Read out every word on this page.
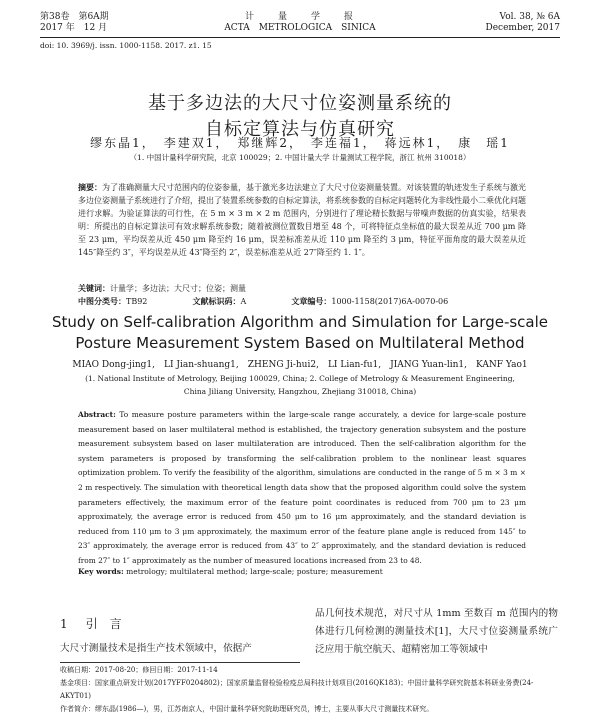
第38卷　第6A期
2017 年　12 月
计　　量　　学　　报
ACTA　METROLOGICA　SINICA
Vol. 38, № 6A
December, 2017
doi: 10. 3969/j. issn. 1000-1158. 2017. z1. 15
基于多边法的大尺寸位姿测量系统的
自标定算法与仿真研究
缪东晶1，　李建双1，　郑继辉2，　李连福1，　蒋远林1，　康　瑶1
（1. 中国计量科学研究院，北京 100029；2. 中国计量大学 计量测试工程学院，浙江 杭州 310018）
摘要：为了准确测量大尺寸范围内的位姿参量，基于激光多边法建立了大尺寸位姿测量装置。对该装置的轨迹发生子系统与激光多边位姿测量子系统进行了介绍，提出了装置系统参数的自标定算法，将系统参数的自标定问题转化为非线性最小二乘优化问题进行求解。为验证算法的可行性，在 5 m × 3 m × 2 m 范围内，分别进行了理论精长数据与带噪声数据的仿真实验，结果表明：所提出的自标定算法可有效求解系统参数；随着被测位置数目增至 48 个，可将特征点坐标值的最大误差从近 700 μm 降至 23 μm，平均误差从近 450 μm 降至约 16 μm，误差标准差从近 110 μm 降至约 3 μm，特征平面角度的最大误差从近 145″降至约 3″，平均误差从近 43″降至约 2″，误差标准差从近 27″降至约 1. 1″。
关键词：计量学；多边法；大尺寸；位姿；测量
中图分类号：TB92	文献标识码：A	文章编号：1000-1158(2017)6A-0070-06
Study on Self-calibration Algorithm and Simulation for Large-scale
Posture Measurement System Based on Multilateral Method
MIAO Dong-jing1,　LI Jian-shuang1,　ZHENG Ji-hui2,　LI Lian-fu1,　JIANG Yuan-lin1,　KANF Yao1
(1. National Institute of Metrology, Beijing 100029, China; 2. College of Metrology & Measurement Engineering,
China Jiliang University, Hangzhou, Zhejiang 310018, China)
Abstract: To measure posture parameters within the large-scale range accurately, a device for large-scale posture measurement based on laser multilateral method is established, the trajectory generation subsystem and the posture measurement subsystem based on laser multilateration are introduced. Then the self-calibration algorithm for the system parameters is proposed by transforming the self-calibration problem to the nonlinear least squares optimization problem. To verify the feasibility of the algorithm, simulations are conducted in the range of 5 m × 3 m × 2 m respectively. The simulation with theoretical length data show that the proposed algorithm could solve the system parameters effectively, the maximum error of the feature point coordinates is reduced from 700 μm to 23 μm approximately, the average error is reduced from 450 μm to 16 μm approximately, and the standard deviation is reduced from 110 μm to 3 μm approximately, the maximum error of the feature plane angle is reduced from 145″ to 23″ approximately, the average error is reduced from 43″ to 2″ approximately, and the standard deviation is reduced from 27″ to 1″ approximately as the number of measured locations increased from 23 to 48.
Key words: metrology; multilateral method; large-scale; posture; measurement
1 引　言
大尺寸测量技术是指生产技术领域中，依据产
品几何技术规范，对尺寸从 1mm 至数百 m 范围内的物体进行几何检测的测量技术[1]，大尺寸位姿测量系统广泛应用于航空航天、超精密加工等领域中
收稿日期：2017-08-20；修回日期：2017-11-14
基金项目：国家重点研发计划(2017YFF0204802)；国家质量监督检验检疫总局科技计划项目(2016QK183)；中国计量科学研究院基本科研业务费(24-AKYT01)
作者简介：缪东晶(1986—)，男，江苏南京人，中国计量科学研究院助理研究员，博士，主要从事大尺寸测量技术研究。
